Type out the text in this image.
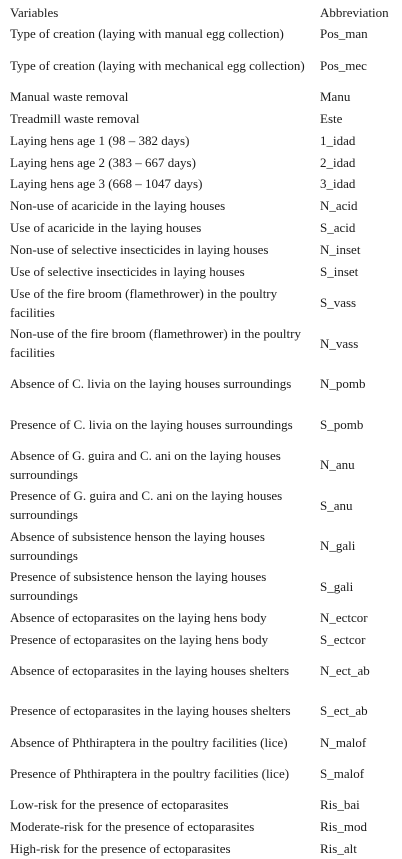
Variables	Abbreviation
Type of creation (laying with manual egg collection)	Pos_man
Type of creation (laying with mechanical egg collection)	Pos_mec
Manual waste removal	Manu
Treadmill waste removal	Este
Laying hens age 1 (98 – 382 days)	1_idad
Laying hens age 2 (383 – 667 days)	2_idad
Laying hens age 3 (668 – 1047 days)	3_idad
Non-use of acaricide in the laying houses	N_acid
Use of acaricide in the laying houses	S_acid
Non-use of selective insecticides in laying houses	N_inset
Use of selective insecticides in laying houses	S_inset
Use of the fire broom (flamethrower) in the poultry facilities	S_vass
Non-use of the fire broom (flamethrower) in the poultry facilities	N_vass
Absence of C. livia on the laying houses surroundings	N_pomb
Presence of C. livia on the laying houses surroundings	S_pomb
Absence of G. guira and C. ani on the laying houses surroundings	N_anu
Presence of G. guira and C. ani on the laying houses surroundings	S_anu
Absence of subsistence henson the laying houses surroundings	N_gali
Presence of subsistence henson the laying houses surroundings	S_gali
Absence of ectoparasites on the laying hens body	N_ectcor
Presence of ectoparasites on the laying hens body	S_ectcor
Absence of ectoparasites in the laying houses shelters	N_ect_ab
Presence of ectoparasites in the laying houses shelters	S_ect_ab
Absence of Phthiraptera in the poultry facilities (lice)	N_malof
Presence of Phthiraptera in the poultry facilities (lice)	S_malof
Low-risk for the presence of ectoparasites	Ris_bai
Moderate-risk for the presence of ectoparasites	Ris_mod
High-risk for the presence of ectoparasites	Ris_alt
